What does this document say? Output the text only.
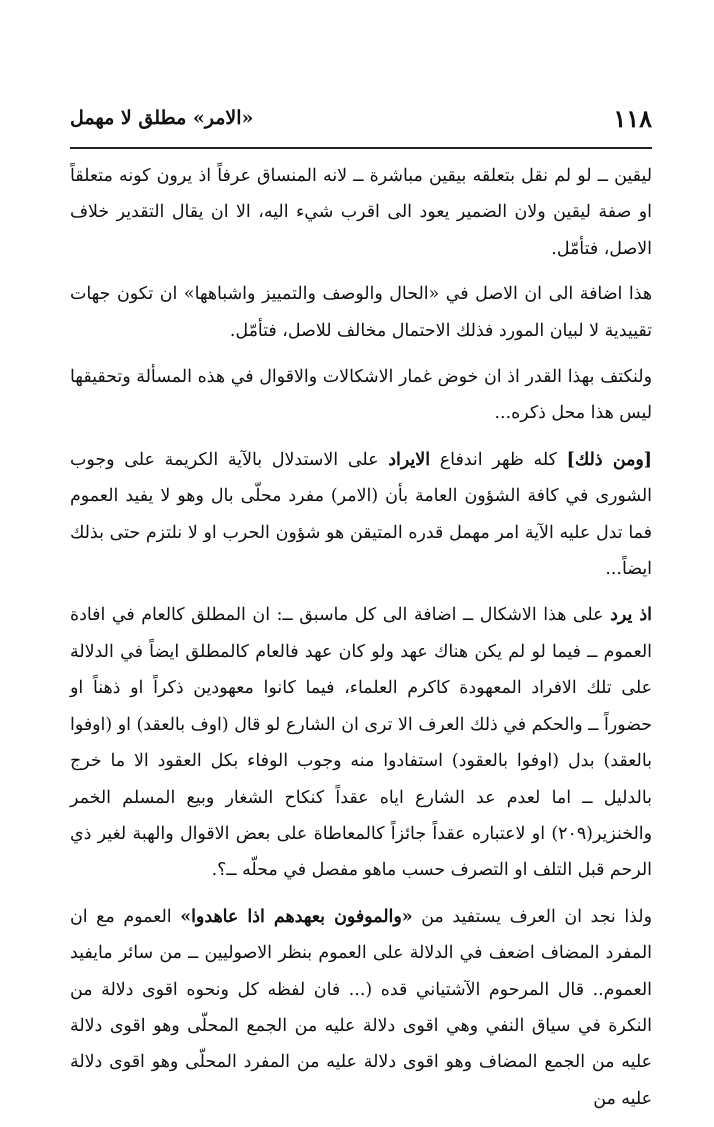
١١٨
«الامر» مطلق لا مهمل

ليقين ــ لو لم نقل بتعلقه بيقين مباشرة ــ لانه المنساق عرفاً اذ يرون كونه متعلقاً او صفة ليقين ولان الضمير يعود الى اقرب شيء اليه، الا ان يقال التقدير خلاف الاصل، فتأمّل.

هذا اضافة الى ان الاصل في «الحال والوصف والتمييز واشباهها» ان تكون جهات تقييدية لا لبيان المورد فذلك الاحتمال مخالف للاصل، فتأمّل.

ولنكتف بهذا القدر اذ ان خوض غمار الاشكالات والاقوال في هذه المسألة وتحقيقها ليس هذا محل ذكره...

[ومن ذلك] كله ظهر اندفاع الايراد على الاستدلال بالآية الكريمة على وجوب الشورى في كافة الشؤون العامة بأن (الامر) مفرد محلّى بال وهو لا يفيد العموم فما تدل عليه الآية امر مهمل قدره المتيقن هو شؤون الحرب او لا نلتزم حتى بذلك ايضاً...

اذ يرد على هذا الاشكال ــ اضافة الى كل ماسبق ــ: ان المطلق كالعام في افادة العموم ــ فيما لو لم يكن هناك عهد ولو كان عهد فالعام كالمطلق ايضاً في الدلالة على تلك الافراد المعهودة كاكرم العلماء، فيما كانوا معهودين ذكراً او ذهناً او حضوراً ــ والحكم في ذلك العرف الا ترى ان الشارع لو قال (اوف بالعقد) او (اوفوا بالعقد) بدل (اوفوا بالعقود) استفادوا منه وجوب الوفاء بكل العقود الا ما خرج بالدليل ــ اما لعدم عد الشارع اياه عقداً كنكاح الشغار وبيع المسلم الخمر والخنزير(٢٠٩) او لاعتباره عقداً جائزاً كالمعاطاة على بعض الاقوال والهبة لغير ذي الرحم قبل التلف او التصرف حسب ماهو مفصل في محلّه ــ؟.

ولذا نجد ان العرف يستفيد من «والموفون بعهدهم اذا عاهدوا» العموم مع ان المفرد المضاف اضعف في الدلالة على العموم بنظر الاصوليين ــ من سائر مايفيد العموم.. قال المرحوم الآشتياني قده (... فان لفظه كل ونحوه اقوى دلالة من النكرة في سياق النفي وهي اقوى دلالة عليه من الجمع المحلّى وهو اقوى دلالة عليه من الجمع المضاف وهو اقوى دلالة عليه من المفرد المحلّى وهو اقوى دلالة عليه من
